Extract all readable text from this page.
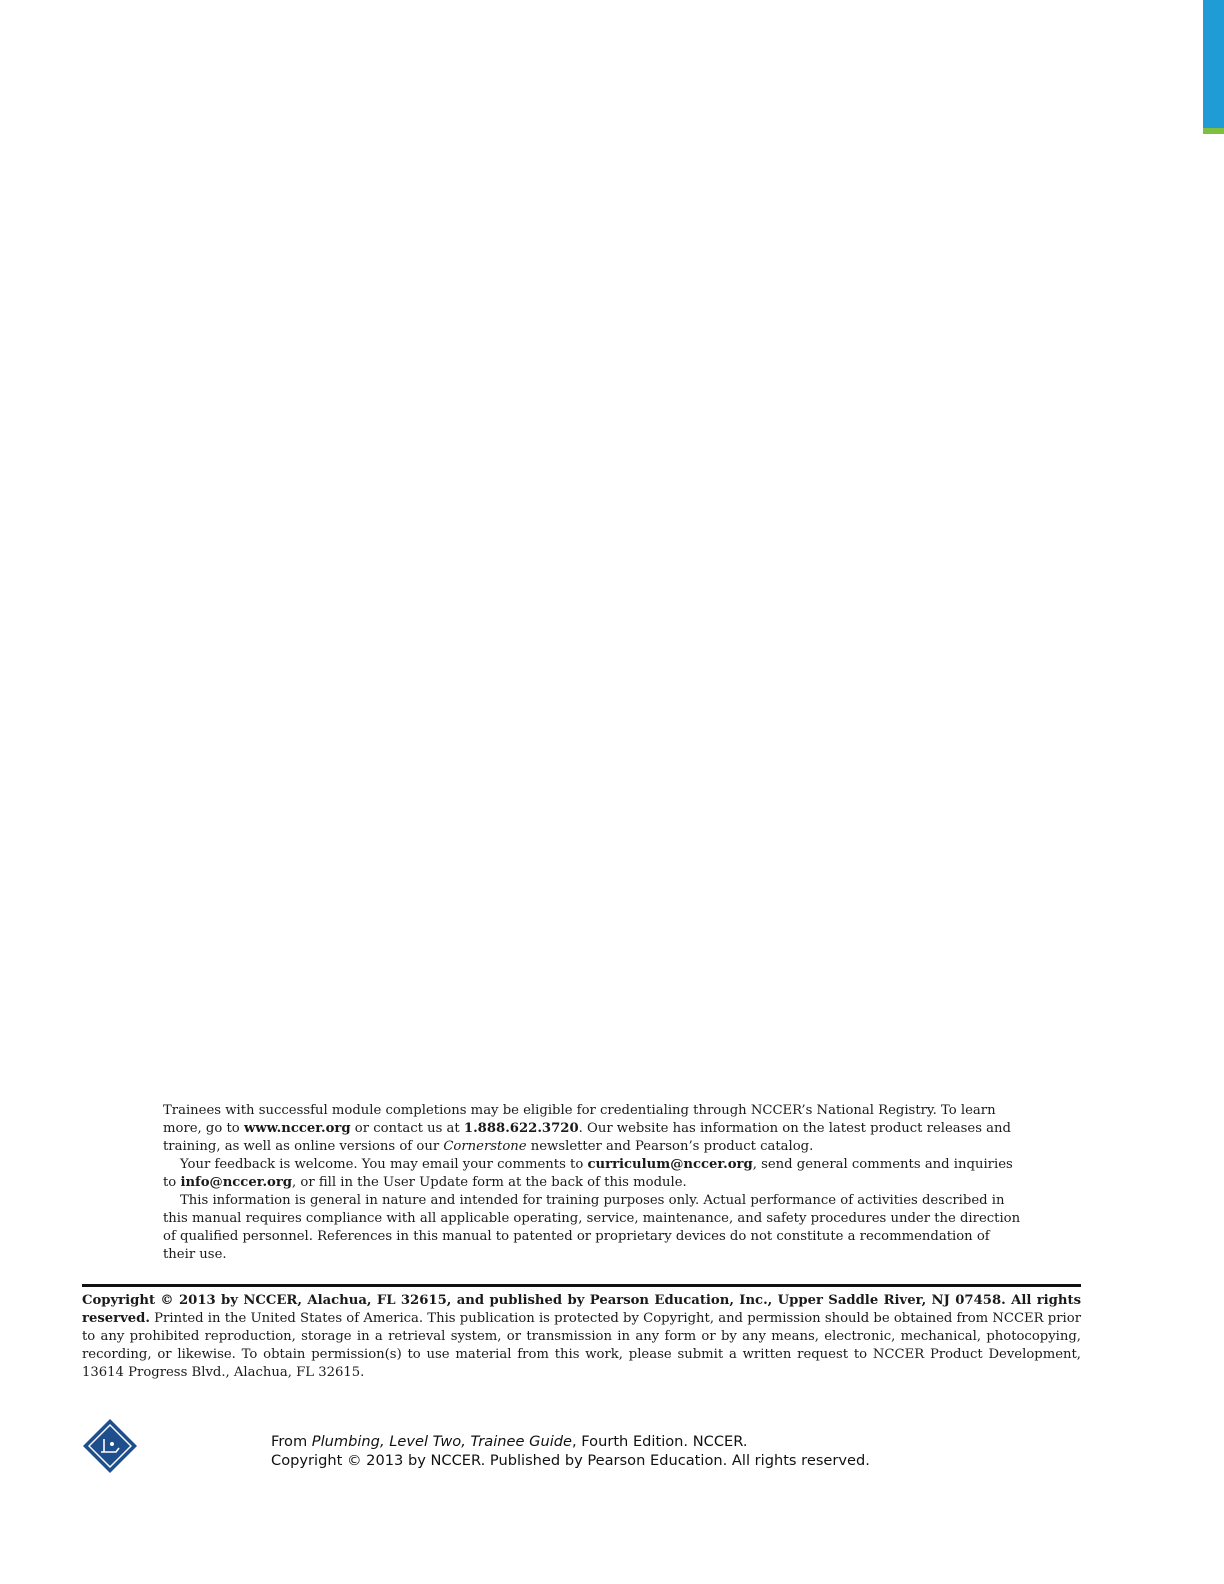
Trainees with successful module completions may be eligible for credentialing through NCCER’s National Registry. To learn more, go to www.nccer.org or contact us at 1.888.622.3720. Our website has information on the latest product releases and training, as well as online versions of our Cornerstone newsletter and Pearson’s product catalog.

Your feedback is welcome. You may email your comments to curriculum@nccer.org, send general comments and inquiries to info@nccer.org, or fill in the User Update form at the back of this module.

This information is general in nature and intended for training purposes only. Actual performance of activities described in this manual requires compliance with all applicable operating, service, maintenance, and safety procedures under the direction of qualified personnel. References in this manual to patented or proprietary devices do not constitute a recommendation of their use.

Copyright © 2013 by NCCER, Alachua, FL 32615, and published by Pearson Education, Inc., Upper Saddle River, NJ 07458. All rights reserved. Printed in the United States of America. This publication is protected by Copyright, and permission should be obtained from NCCER prior to any prohibited reproduction, storage in a retrieval system, or transmission in any form or by any means, electronic, mechanical, photocopying, recording, or likewise. To obtain permission(s) to use material from this work, please submit a written request to NCCER Product Development, 13614 Progress Blvd., Alachua, FL 32615.

From Plumbing, Level Two, Trainee Guide, Fourth Edition. NCCER.

Copyright © 2013 by NCCER. Published by Pearson Education. All rights reserved.
